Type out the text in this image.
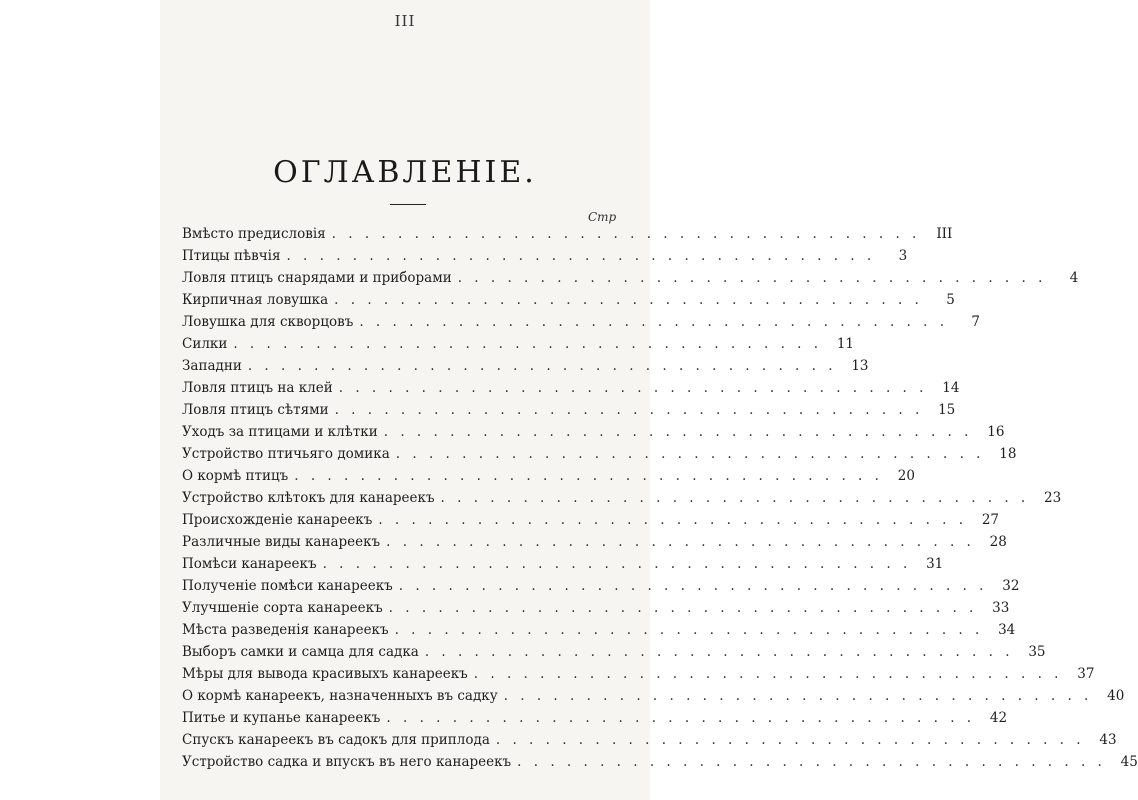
III
ОГЛАВЛЕНІЕ.
Стр
Вмѣсто предисловія . . . . . . . . . . . . . . . . . . . . . . . . . . . . . . . . . . . .	III
Птицы пѣвчія . . . . . . . . . . . . . . . . . . . . . . . . . . . . . . . . . . . .	3
Ловля птицъ снарядами и приборами . . . . . . . . . . . . . . . . . . . . . . . . . . . . . . . . . . . .	4
Кирпичная ловушка . . . . . . . . . . . . . . . . . . . . . . . . . . . . . . . . . . . .	5
Ловушка для скворцовъ . . . . . . . . . . . . . . . . . . . . . . . . . . . . . . . . . . . .	7
Силки . . . . . . . . . . . . . . . . . . . . . . . . . . . . . . . . . . . .	11
Западни . . . . . . . . . . . . . . . . . . . . . . . . . . . . . . . . . . . .	13
Ловля птицъ на клей . . . . . . . . . . . . . . . . . . . . . . . . . . . . . . . . . . . .	14
Ловля птицъ сѣтями . . . . . . . . . . . . . . . . . . . . . . . . . . . . . . . . . . . .	15
Уходъ за птицами и клѣтки . . . . . . . . . . . . . . . . . . . . . . . . . . . . . . . . . . . .	16
Устройство птичьяго домика . . . . . . . . . . . . . . . . . . . . . . . . . . . . . . . . . . . .	18
О кормѣ птицъ . . . . . . . . . . . . . . . . . . . . . . . . . . . . . . . . . . . .	20
Устройство клѣтокъ для канареекъ . . . . . . . . . . . . . . . . . . . . . . . . . . . . . . . . . . . .	23
Происхожденіе канареекъ . . . . . . . . . . . . . . . . . . . . . . . . . . . . . . . . . . . .	27
Различные виды канареекъ . . . . . . . . . . . . . . . . . . . . . . . . . . . . . . . . . . . .	28
Помѣси канареекъ . . . . . . . . . . . . . . . . . . . . . . . . . . . . . . . . . . . .	31
Полученіе помѣси канареекъ . . . . . . . . . . . . . . . . . . . . . . . . . . . . . . . . . . . .	32
Улучшеніе сорта канареекъ . . . . . . . . . . . . . . . . . . . . . . . . . . . . . . . . . . . .	33
Мѣста разведенія канареекъ . . . . . . . . . . . . . . . . . . . . . . . . . . . . . . . . . . . .	34
Выборъ самки и самца для садка . . . . . . . . . . . . . . . . . . . . . . . . . . . . . . . . . . . .	35
Мѣры для вывода красивыхъ канареекъ . . . . . . . . . . . . . . . . . . . . . . . . . . . . . . . . . . . .	37
О кормѣ канареекъ, назначенныхъ въ садку . . . . . . . . . . . . . . . . . . . . . . . . . . . . . . . . . . . .	40
Питье и купанье канареекъ . . . . . . . . . . . . . . . . . . . . . . . . . . . . . . . . . . . .	42
Спускъ канареекъ въ садокъ для приплода . . . . . . . . . . . . . . . . . . . . . . . . . . . . . . . . . . . .	43
Устройство садка и впускъ въ него канареекъ . . . . . . . . . . . . . . . . . . . . . . . . . . . . . . . . . . . .	45
